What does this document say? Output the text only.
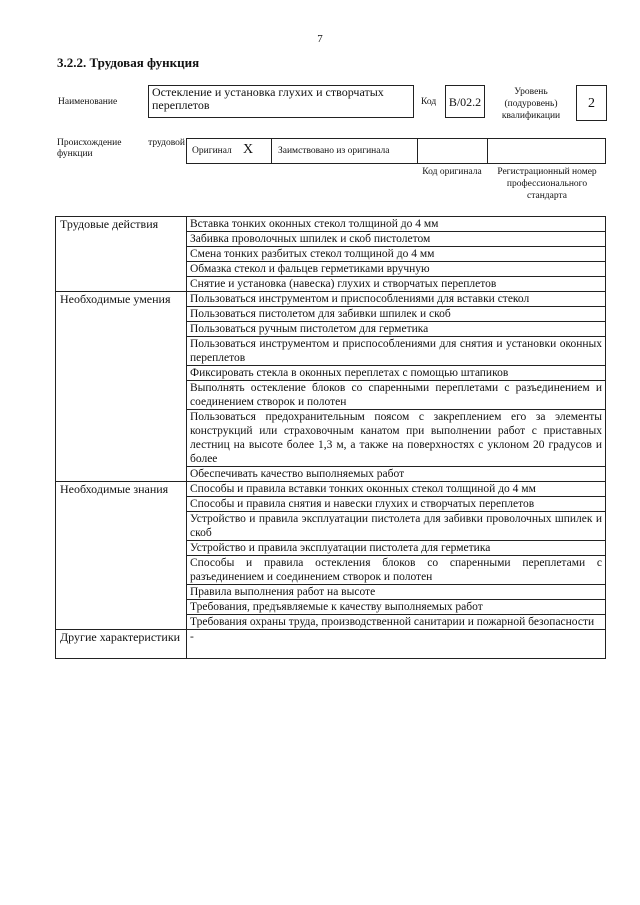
7
3.2.2. Трудовая функция
Наименование
Остекление и установка глухих и створчатых переплетов	Код	B/02.2
Уровень
(подуровень)
квалификации
2
Происхождение	трудовой
функции	Оригинал X	Заимствовано из оригинала
Код оригинала	Регистрационный номер профессионального стандарта
Трудовые действия	Вставка тонких оконных стекол толщиной до 4 мм
	Забивка проволочных шпилек и скоб пистолетом
	Смена тонких разбитых стекол толщиной до 4 мм
	Обмазка стекол и фальцев герметиками вручную
	Снятие и установка (навеска) глухих и створчатых переплетов
Необходимые умения	Пользоваться инструментом и приспособлениями для вставки стекол
	Пользоваться пистолетом для забивки шпилек и скоб
	Пользоваться ручным пистолетом для герметика
	Пользоваться инструментом и приспособлениями для снятия и установки оконных переплетов
	Фиксировать стекла в оконных переплетах с помощью штапиков
	Выполнять остекление блоков со спаренными переплетами с разъединением и соединением створок и полотен
	Пользоваться предохранительным поясом с закреплением его за элементы конструкций или страховочным канатом при выполнении работ с приставных лестниц на высоте более 1,3 м, а также на поверхностях с уклоном 20 градусов и более
	Обеспечивать качество выполняемых работ
Необходимые знания	Способы и правила вставки тонких оконных стекол толщиной до 4 мм
	Способы и правила снятия и навески глухих и створчатых переплетов
	Устройство и правила эксплуатации пистолета для забивки проволочных шпилек и скоб
	Устройство и правила эксплуатации пистолета для герметика
	Способы и правила остекления блоков со спаренными переплетами с разъединением и соединением створок и полотен
	Правила выполнения работ на высоте
	Требования, предъявляемые к качеству выполняемых работ
	Требования охраны труда, производственной санитарии и пожарной безопасности
Другие характеристики	-
